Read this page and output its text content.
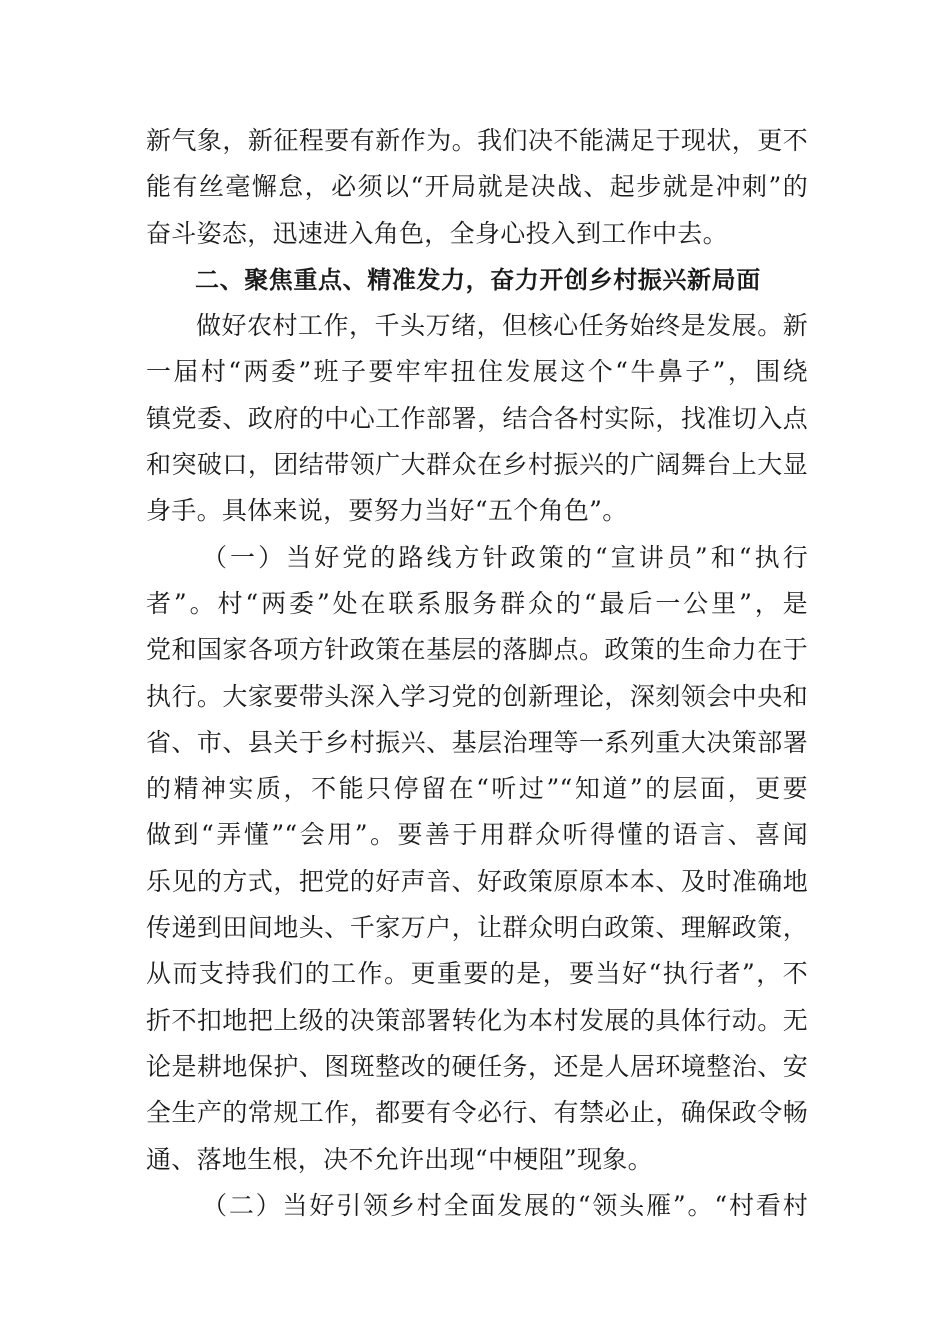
新气象，新征程要有新作为。我们决不能满足于现状，更不
能有丝毫懈怠，必须以“开局就是决战、起步就是冲刺”的
奋斗姿态，迅速进入角色，全身心投入到工作中去。
二、聚焦重点、精准发力，奋力开创乡村振兴新局面
做好农村工作，千头万绪，但核心任务始终是发展。新
一届村“两委”班子要牢牢扭住发展这个“牛鼻子”，围绕
镇党委、政府的中心工作部署，结合各村实际，找准切入点
和突破口，团结带领广大群众在乡村振兴的广阔舞台上大显
身手。具体来说，要努力当好“五个角色”。
（一）当好党的路线方针政策的“宣讲员”和“执行
者”。村“两委”处在联系服务群众的“最后一公里”，是
党和国家各项方针政策在基层的落脚点。政策的生命力在于
执行。大家要带头深入学习党的创新理论，深刻领会中央和
省、市、县关于乡村振兴、基层治理等一系列重大决策部署
的精神实质，不能只停留在“听过”“知道”的层面，更要
做到“弄懂”“会用”。要善于用群众听得懂的语言、喜闻
乐见的方式，把党的好声音、好政策原原本本、及时准确地
传递到田间地头、千家万户，让群众明白政策、理解政策，
从而支持我们的工作。更重要的是，要当好“执行者”，不
折不扣地把上级的决策部署转化为本村发展的具体行动。无
论是耕地保护、图斑整改的硬任务，还是人居环境整治、安
全生产的常规工作，都要有令必行、有禁必止，确保政令畅
通、落地生根，决不允许出现“中梗阻”现象。
（二）当好引领乡村全面发展的“领头雁”。“村看村
